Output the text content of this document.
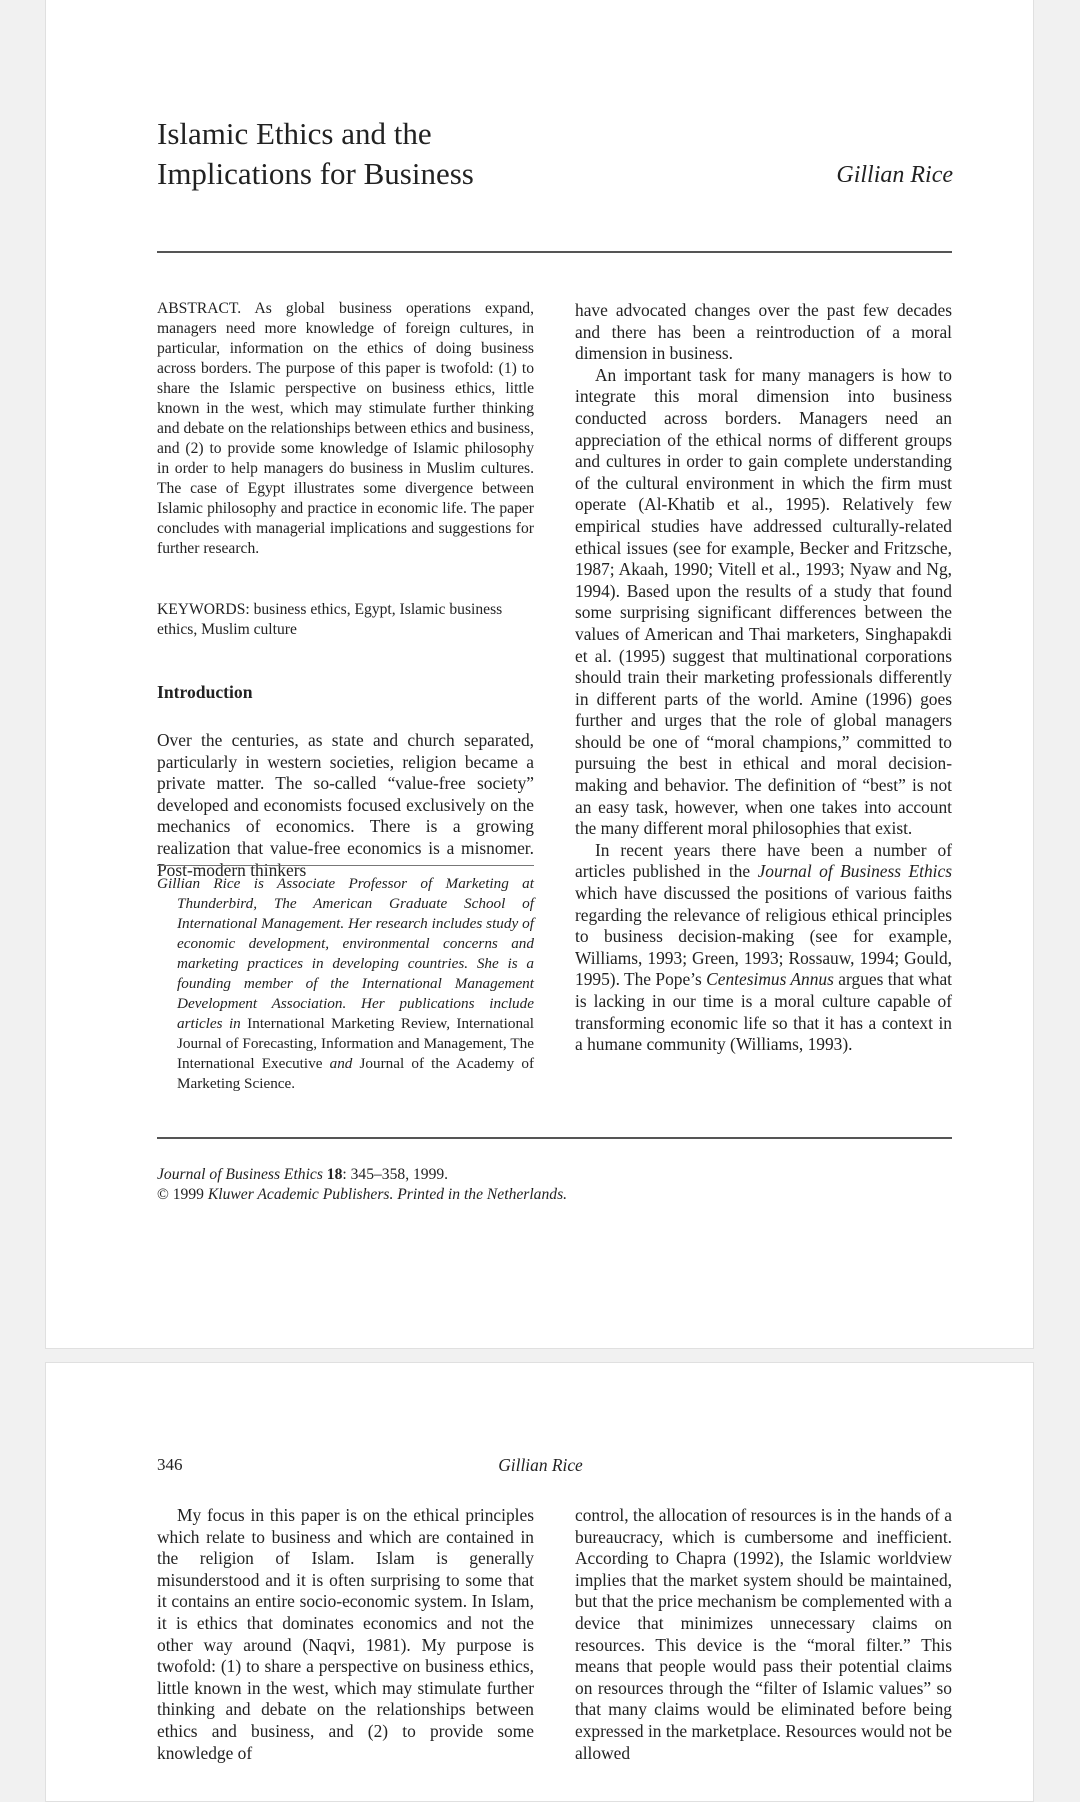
Islamic Ethics and the
Implications for Business	Gillian Rice

ABSTRACT. As global business operations expand, managers need more knowledge of foreign cultures, in particular, information on the ethics of doing business across borders. The purpose of this paper is twofold: (1) to share the Islamic perspective on business ethics, little known in the west, which may stimulate further thinking and debate on the relationships between ethics and business, and (2) to provide some knowledge of Islamic philosophy in order to help managers do business in Muslim cultures. The case of Egypt illustrates some divergence between Islamic philosophy and practice in economic life. The paper concludes with managerial implications and suggestions for further research.

KEYWORDS: business ethics, Egypt, Islamic business ethics, Muslim culture

Introduction

Over the centuries, as state and church separated, particularly in western societies, religion became a private matter. The so-called “value-free society” developed and economists focused exclusively on the mechanics of economics. There is a growing realization that value-free economics is a misnomer. Post-modern thinkers

Gillian Rice is Associate Professor of Marketing at Thunderbird, The American Graduate School of International Management. Her research includes study of economic development, environmental concerns and marketing practices in developing countries. She is a founding member of the International Management Development Association. Her publications include articles in International Marketing Review, International Journal of Forecasting, Information and Management, The International Executive and Journal of the Academy of Marketing Science.

have advocated changes over the past few decades and there has been a reintroduction of a moral dimension in business.

An important task for many managers is how to integrate this moral dimension into business conducted across borders. Managers need an appreciation of the ethical norms of different groups and cultures in order to gain complete understanding of the cultural environment in which the firm must operate (Al-Khatib et al., 1995). Relatively few empirical studies have addressed culturally-related ethical issues (see for example, Becker and Fritzsche, 1987; Akaah, 1990; Vitell et al., 1993; Nyaw and Ng, 1994). Based upon the results of a study that found some surprising significant differences between the values of American and Thai marketers, Singhapakdi et al. (1995) suggest that multinational corporations should train their marketing professionals differently in different parts of the world. Amine (1996) goes further and urges that the role of global managers should be one of “moral champions,” committed to pursuing the best in ethical and moral decision-making and behavior. The definition of “best” is not an easy task, however, when one takes into account the many different moral philosophies that exist.

In recent years there have been a number of articles published in the Journal of Business Ethics which have discussed the positions of various faiths regarding the relevance of religious ethical principles to business decision-making (see for example, Williams, 1993; Green, 1993; Rossauw, 1994; Gould, 1995). The Pope’s Centesimus Annus argues that what is lacking in our time is a moral culture capable of transforming economic life so that it has a context in a humane community (Williams, 1993).

Journal of Business Ethics 18: 345–358, 1999.
© 1999 Kluwer Academic Publishers. Printed in the Netherlands.
Gillian Rice
346

My focus in this paper is on the ethical principles which relate to business and which are contained in the religion of Islam. Islam is generally misunderstood and it is often surprising to some that it contains an entire socio-economic system. In Islam, it is ethics that dominates economics and not the other way around (Naqvi, 1981). My purpose is twofold: (1) to share a perspective on business ethics, little known in the west, which may stimulate further thinking and debate on the relationships between ethics and business, and (2) to provide some knowledge of

control, the allocation of resources is in the hands of a bureaucracy, which is cumbersome and inefficient. According to Chapra (1992), the Islamic worldview implies that the market system should be maintained, but that the price mechanism be complemented with a device that minimizes unnecessary claims on resources. This device is the “moral filter.” This means that people would pass their potential claims on resources through the “filter of Islamic values” so that many claims would be eliminated before being expressed in the marketplace. Resources would not be allowed
